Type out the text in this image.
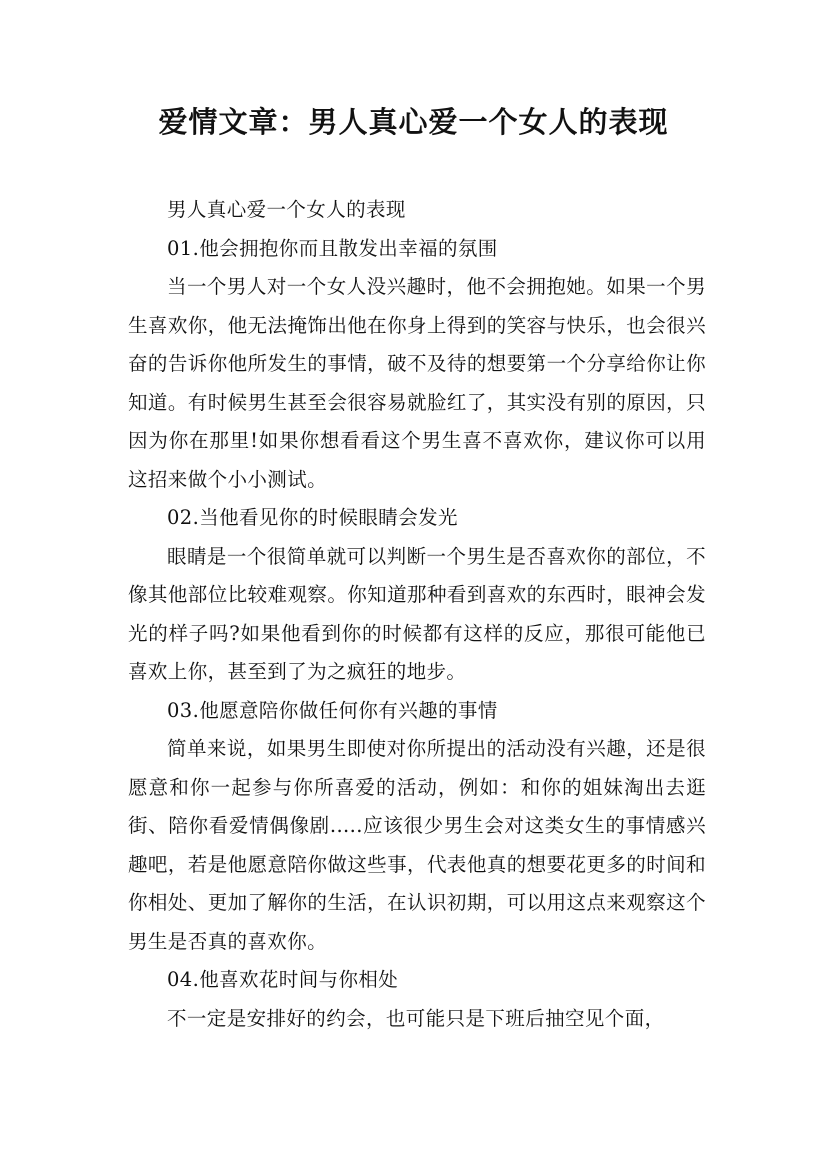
爱情文章：男人真心爱一个女人的表现

男人真心爱一个女人的表现

01.他会拥抱你而且散发出幸福的氛围

当一个男人对一个女人没兴趣时，他不会拥抱她。如果一个男生喜欢你，他无法掩饰出他在你身上得到的笑容与快乐，也会很兴奋的告诉你他所发生的事情，破不及待的想要第一个分享给你让你知道。有时候男生甚至会很容易就脸红了，其实没有别的原因，只因为你在那里!如果你想看看这个男生喜不喜欢你，建议你可以用这招来做个小小测试。

02.当他看见你的时候眼睛会发光

眼睛是一个很简单就可以判断一个男生是否喜欢你的部位，不像其他部位比较难观察。你知道那种看到喜欢的东西时，眼神会发光的样子吗?如果他看到你的时候都有这样的反应，那很可能他已喜欢上你，甚至到了为之疯狂的地步。

03.他愿意陪你做任何你有兴趣的事情

简单来说，如果男生即使对你所提出的活动没有兴趣，还是很愿意和你一起参与你所喜爱的活动，例如：和你的姐妹淘出去逛街、陪你看爱情偶像剧.....应该很少男生会对这类女生的事情感兴趣吧，若是他愿意陪你做这些事，代表他真的想要花更多的时间和你相处、更加了解你的生活，在认识初期，可以用这点来观察这个男生是否真的喜欢你。

04.他喜欢花时间与你相处

不一定是安排好的约会，也可能只是下班后抽空见个面，
